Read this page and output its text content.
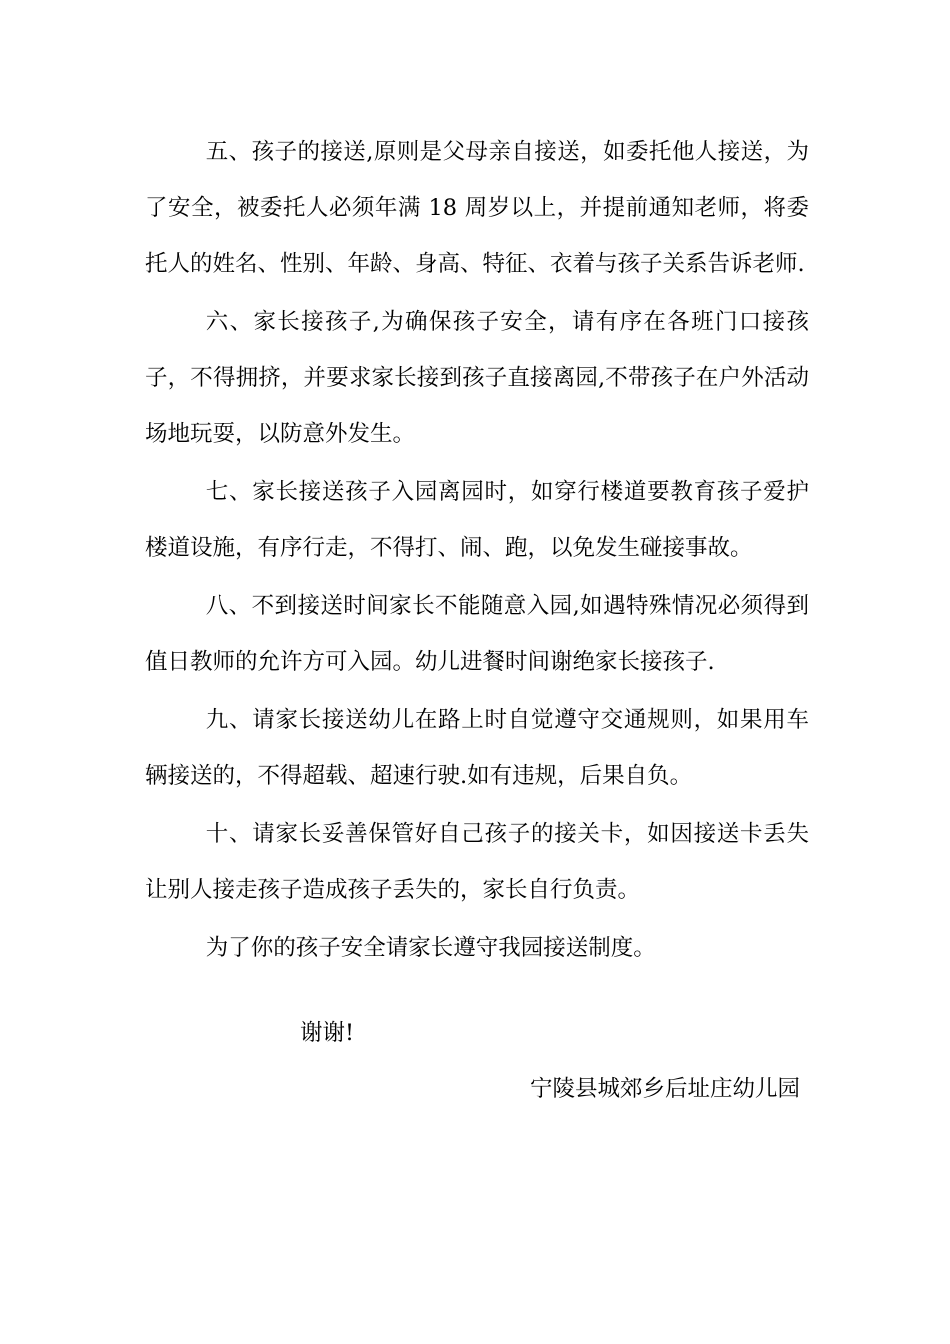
五、孩子的接送,原则是父母亲自接送，如委托他人接送，为了安全，被委托人必须年满 18 周岁以上，并提前通知老师，将委托人的姓名、性别、年龄、身高、特征、衣着与孩子关系告诉老师.

六、家长接孩子,为确保孩子安全，请有序在各班门口接孩子，不得拥挤，并要求家长接到孩子直接离园,不带孩子在户外活动场地玩耍，以防意外发生。

七、家长接送孩子入园离园时，如穿行楼道要教育孩子爱护楼道设施，有序行走，不得打、闹、跑，以免发生碰接事故。

八、不到接送时间家长不能随意入园,如遇特殊情况必须得到值日教师的允许方可入园。幼儿进餐时间谢绝家长接孩子.

九、请家长接送幼儿在路上时自觉遵守交通规则，如果用车辆接送的，不得超载、超速行驶.如有违规，后果自负。

十、请家长妥善保管好自己孩子的接关卡，如因接送卡丢失让别人接走孩子造成孩子丢失的，家长自行负责。

为了你的孩子安全请家长遵守我园接送制度。

谢谢!

宁陵县城郊乡后址庄幼儿园
